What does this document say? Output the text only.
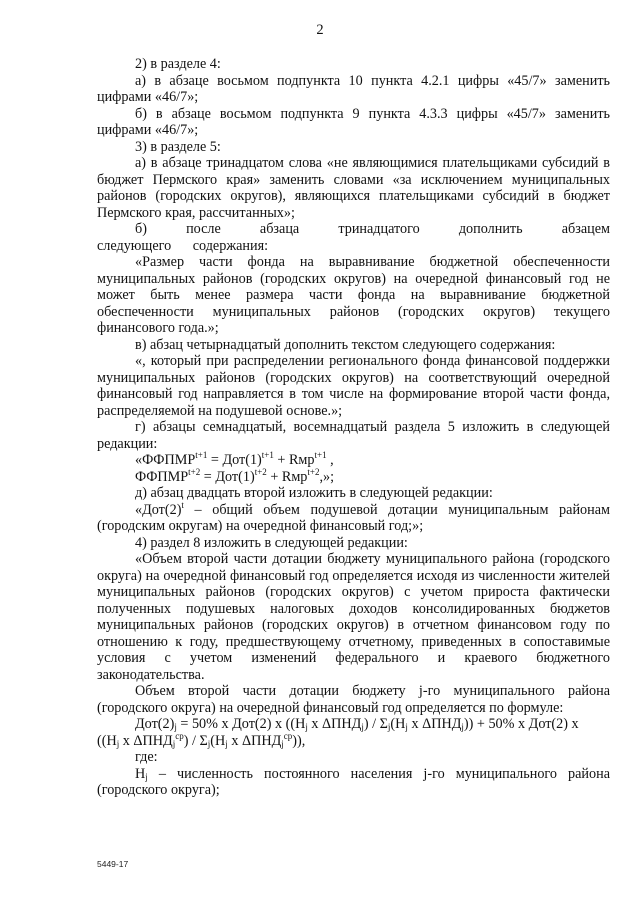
2

2) в разделе 4:

а) в абзаце восьмом подпункта 10 пункта 4.2.1 цифры «45/7» заменить цифрами «46/7»;

б) в абзаце восьмом подпункта 9 пункта 4.3.3 цифры «45/7» заменить цифрами «46/7»;

3) в разделе 5:

а) в абзаце тринадцатом слова «не являющимися плательщиками субсидий в бюджет Пермского края» заменить словами «за исключением муниципальных районов (городских округов), являющихся плательщиками субсидий в бюджет Пермского края, рассчитанных»;

б) после абзаца тринадцатого дополнить абзацем следующего содержания:

«Размер части фонда на выравнивание бюджетной обеспеченности муниципальных районов (городских округов) на очередной финансовый год не может быть менее размера части фонда на выравнивание бюджетной обеспеченности муниципальных районов (городских округов) текущего финансового года.»;

в) абзац четырнадцатый дополнить текстом следующего содержания:

«, который при распределении регионального фонда финансовой поддержки муниципальных районов (городских округов) на соответствующий очередной финансовый год направляется в том числе на формирование второй части фонда, распределяемой на подушевой основе.»;

г) абзацы семнадцатый, восемнадцатый раздела 5 изложить в следующей редакции:

«$ФФПМР^{t+1} = Дот(1)^{t+1} + Rмр^{t+1}$ ,
$ФФПМР^{t+2} = Дот(1)^{t+2} + Rмр^{t+2}$,»;

д) абзац двадцать второй изложить в следующей редакции:

«$Дот(2)^t$ – общий объем подушевой дотации муниципальным районам (городским округам) на очередной финансовый год;»;

4) раздел 8 изложить в следующей редакции:

«Объем второй части дотации бюджету муниципального района (городского округа) на очередной финансовый год определяется исходя из численности жителей муниципальных районов (городских округов) с учетом прироста фактически полученных подушевых налоговых доходов консолидированных бюджетов муниципальных районов (городских округов) в отчетном финансовом году по отношению к году, предшествующему отчетному, приведенных в сопоставимые условия с учетом изменений федерального и краевого бюджетного законодательства.

Объем второй части дотации бюджету j-го муниципального района (городского округа) на очередной финансовый год определяется по формуле:

$Дот(2)_j = 50\%$ х Дот(2) х (($H_j$ х $\Delta ПНД_j) / \Sigma_j(H_j$ х $\Delta ПНД_j)) + 50\%$ х Дот(2) х

(($H_j$ х $\Delta ПНД_j^{ср}) / \Sigma_j(H_j$ х $\Delta ПНД_j^{ср}$)),

где:

$H_j$ – численность постоянного населения j-го муниципального района (городского округа);

5449-17
